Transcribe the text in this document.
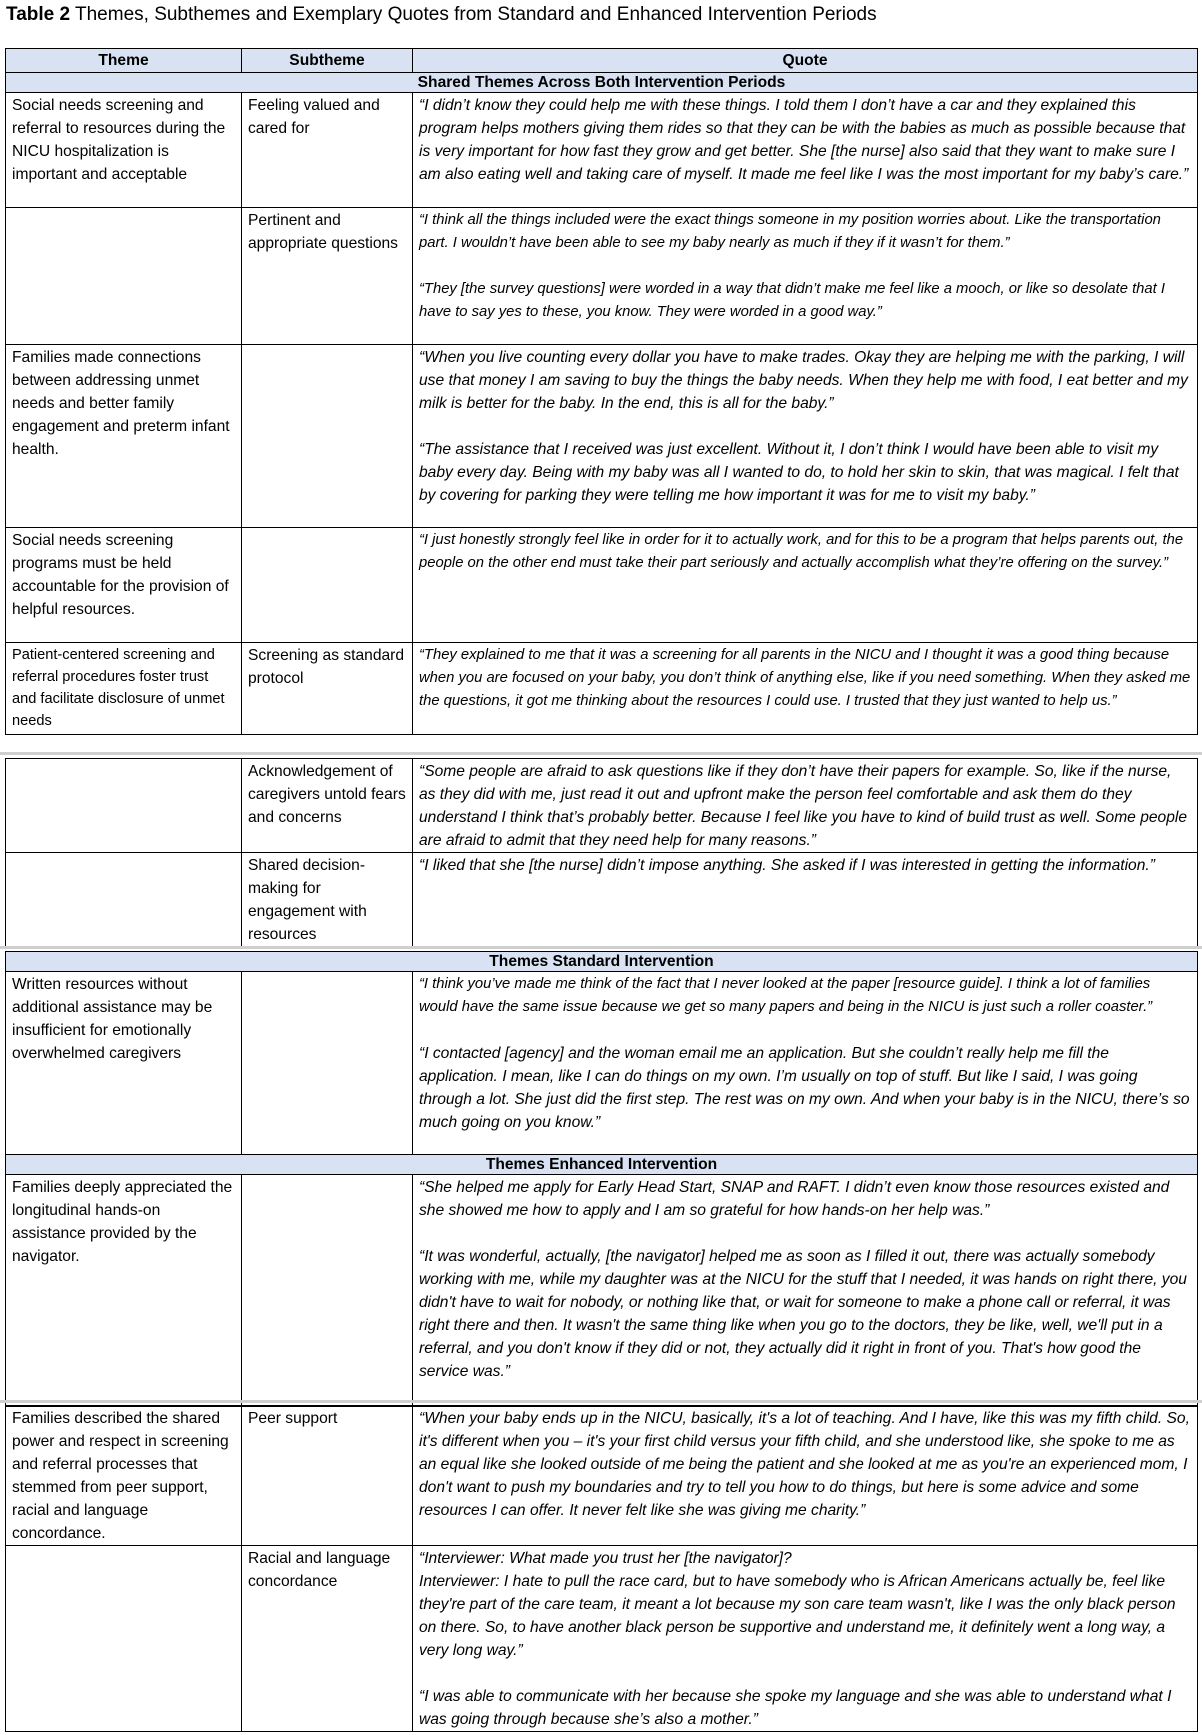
Table 2 Themes, Subthemes and Exemplary Quotes from Standard and Enhanced Intervention Periods
Theme	Subtheme	Quote
Shared Themes Across Both Intervention Periods		
Social needs screening and referral to resources during the NICU hospitalization is important and acceptable	Feeling valued and cared for	“I didn’t know they could help me with these things. I told them I don’t have a car and they explained this program helps mothers giving them rides so that they can be with the babies as much as possible because that is very important for how fast they grow and get better. She [the nurse] also said that they want to make sure I am also eating well and taking care of myself. It made me feel like I was the most important for my baby’s care.”

	Pertinent and appropriate questions	“I think all the things included were the exact things someone in my position worries about. Like the transportation part. I wouldn’t have been able to see my baby nearly as much if they if it wasn’t for them.”
“They [the survey questions] were worded in a way that didn’t make me feel like a mooch, or like so desolate that I have to say yes to these, you know. They were worded in a good way.”

Families made connections between addressing unmet needs and better family engagement and preterm infant health.		“When you live counting every dollar you have to make trades. Okay they are helping me with the parking, I will use that money I am saving to buy the things the baby needs. When they help me with food, I eat better and my milk is better for the baby. In the end, this is all for the baby.”
“The assistance that I received was just excellent. Without it, I don’t think I would have been able to visit my baby every day. Being with my baby was all I wanted to do, to hold her skin to skin, that was magical. I felt that by covering for parking they were telling me how important it was for me to visit my baby.”

Social needs screening programs must be held accountable for the provision of helpful resources.		“I just honestly strongly feel like in order for it to actually work, and for this to be a program that helps parents out, the people on the other end must take their part seriously and actually accomplish what they’re offering on the survey.”

Patient-centered screening and referral procedures foster trust and facilitate disclosure of unmet needs	Screening as standard protocol	“They explained to me that it was a screening for all parents in the NICU and I thought it was a good thing because when you are focused on your baby, you don’t think of anything else, like if you need something. When they asked me the questions, it got me thinking about the resources I could use. I trusted that they just wanted to help us.”
	Acknowledgement of caregivers untold fears and concerns	“Some people are afraid to ask questions like if they don’t have their papers for example. So, like if the nurse, as they did with me, just read it out and upfront make the person feel comfortable and ask them do they understand I think that’s probably better. Because I feel like you have to kind of build trust as well. Some people are afraid to admit that they need help for many reasons.”

	Shared decision-making for engagement with resources	“I liked that she [the nurse] didn’t impose anything. She asked if I was interested in getting the information.”
Themes Standard Intervention		
Written resources without additional assistance may be insufficient for emotionally overwhelmed caregivers		“I think you’ve made me think of the fact that I never looked at the paper [resource guide]. I think a lot of families would have the same issue because we get so many papers and being in the NICU is just such a roller coaster.”
“I contacted [agency] and the woman email me an application. But she couldn’t really help me fill the application. I mean, like I can do things on my own. I’m usually on top of stuff. But like I said, I was going through a lot. She just did the first step. The rest was on my own. And when your baby is in the NICU, there’s so much going on you know.”

Themes Enhanced Intervention		
Families deeply appreciated the longitudinal hands-on assistance provided by the navigator.		“She helped me apply for Early Head Start, SNAP and RAFT. I didn’t even know those resources existed and she showed me how to apply and I am so grateful for how hands-on her help was.”
“It was wonderful, actually, [the navigator] helped me as soon as I filled it out, there was actually somebody working with me, while my daughter was at the NICU for the stuff that I needed, it was hands on right there, you didn't have to wait for nobody, or nothing like that, or wait for someone to make a phone call or referral, it was right there and then. It wasn't the same thing like when you go to the doctors, they be like, well, we'll put in a referral, and you don't know if they did or not, they actually did it right in front of you. That's how good the service was.”
Families described the shared power and respect in screening and referral processes that stemmed from peer support, racial and language concordance.	Peer support	“When your baby ends up in the NICU, basically, it's a lot of teaching. And I have, like this was my fifth child. So, it's different when you – it's your first child versus your fifth child, and she understood like, she spoke to me as an equal like she looked outside of me being the patient and she looked at me as you're an experienced mom, I don't want to push my boundaries and try to tell you how to do things, but here is some advice and some resources I can offer. It never felt like she was giving me charity.”

	Racial and language concordance	“Interviewer: What made you trust her [the navigator]?
Interviewer: I hate to pull the race card, but to have somebody who is African Americans actually be, feel like they're part of the care team, it meant a lot because my son care team wasn't, like I was the only black person on there. So, to have another black person be supportive and understand me, it definitely went a long way, a very long way.”
“I was able to communicate with her because she spoke my language and she was able to understand what I was going through because she’s also a mother.”
